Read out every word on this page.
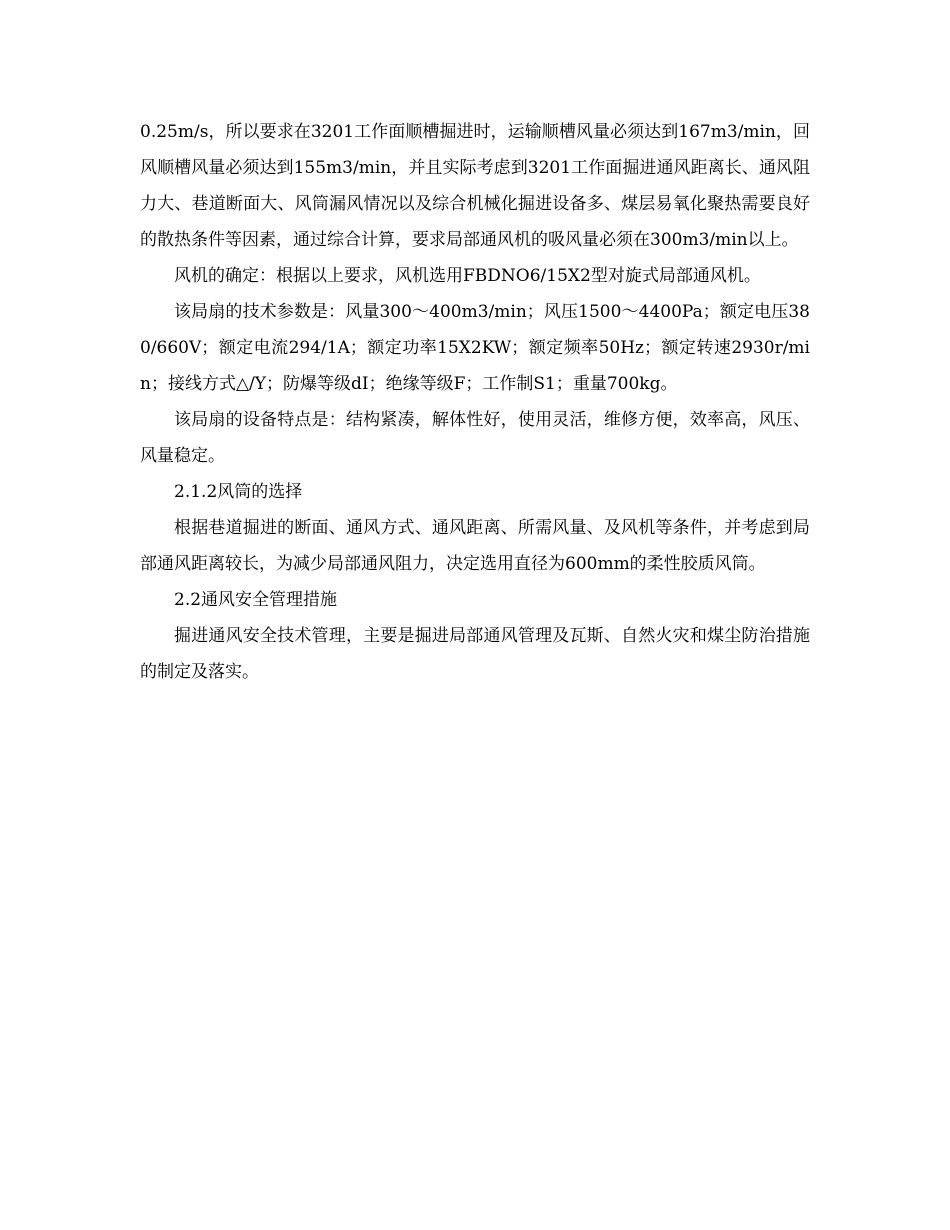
0.25m/s，所以要求在3201工作面顺槽掘进时，运输顺槽风量必须达到167m3/min，回风顺槽风量必须达到155m3/min，并且实际考虑到3201工作面掘进通风距离长、通风阻力大、巷道断面大、风筒漏风情况以及综合机械化掘进设备多、煤层易氧化聚热需要良好的散热条件等因素，通过综合计算，要求局部通风机的吸风量必须在300m3/min以上。

风机的确定：根据以上要求，风机选用FBDNO6/15X2型对旋式局部通风机。

该局扇的技术参数是：风量300～400m3/min；风压1500～4400Pa；额定电压380/660V；额定电流294/1A；额定功率15X2KW；额定频率50Hz；额定转速2930r/min；接线方式△/Y；防爆等级dI；绝缘等级F；工作制S1；重量700kg。

该局扇的设备特点是：结构紧凑，解体性好，使用灵活，维修方便，效率高，风压、风量稳定。

2.1.2风筒的选择

根据巷道掘进的断面、通风方式、通风距离、所需风量、及风机等条件，并考虑到局部通风距离较长，为减少局部通风阻力，决定选用直径为600mm的柔性胶质风筒。

2.2通风安全管理措施

掘进通风安全技术管理，主要是掘进局部通风管理及瓦斯、自然火灾和煤尘防治措施的制定及落实。
